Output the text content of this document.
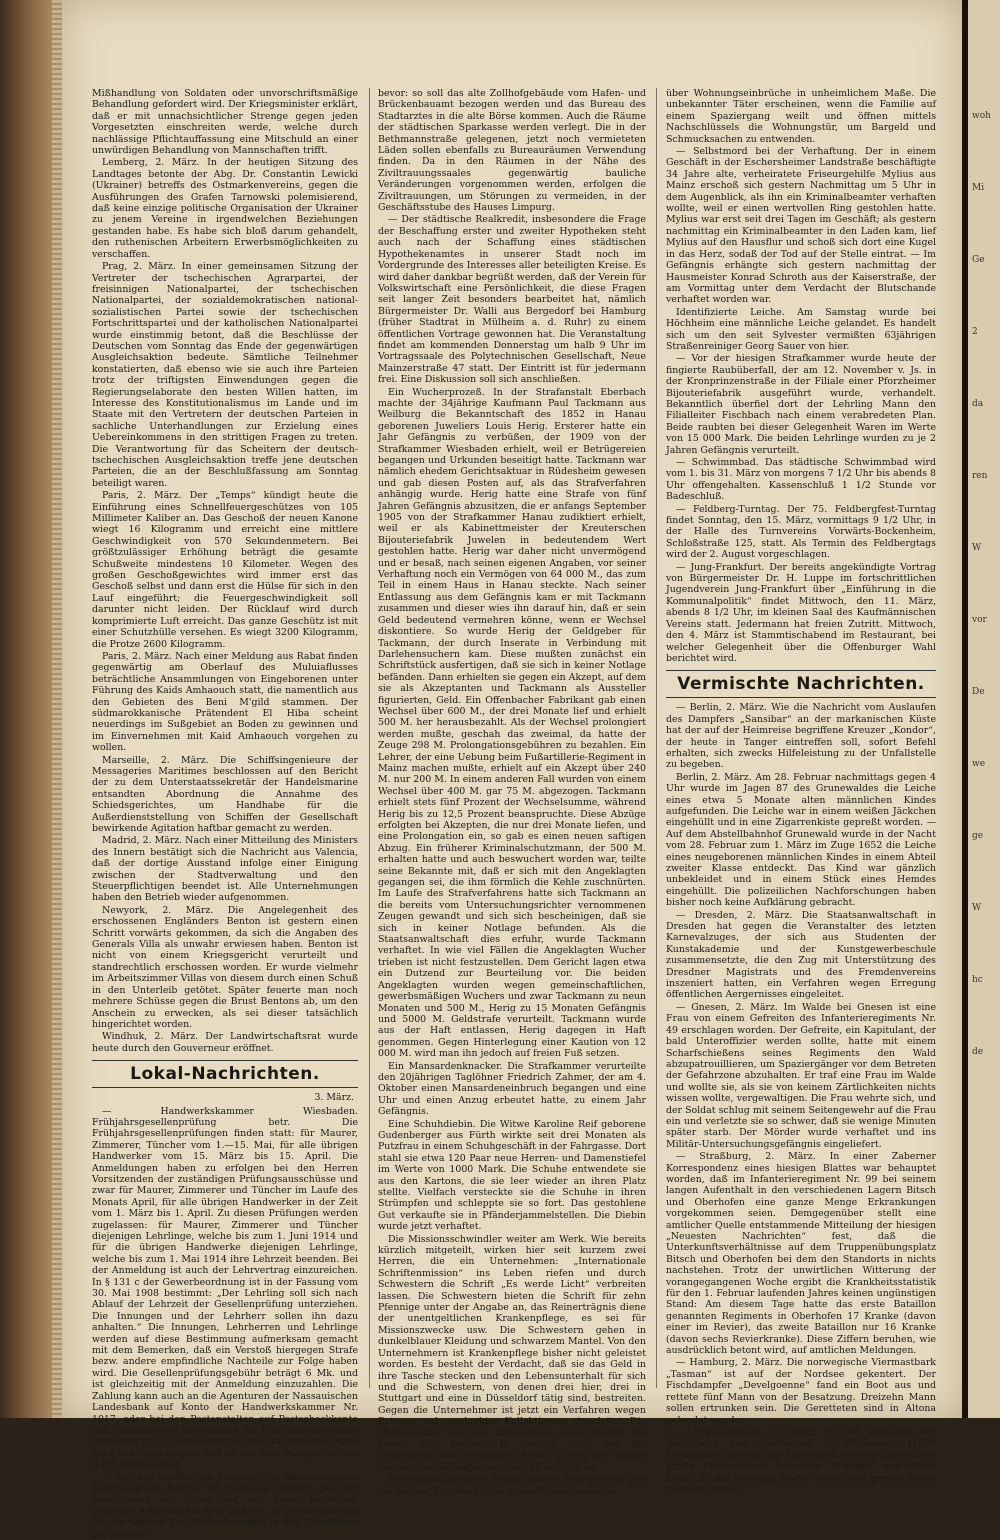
Mißhandlung von Soldaten oder unvorschriftsmäßige Behandlung gefordert wird. Der Kriegsminister erklärt, daß er mit unnachsichtlicher Strenge gegen jeden Vorgesetzten einschreiten werde, welche durch nachlässige Pflichtauffassung eine Mitschuld an einer unwürdigen Behandlung von Mannschaften trifft.

Lemberg, 2. März. In der heutigen Sitzung des Landtages betonte der Abg. Dr. Constantin Lewicki (Ukrainer) betreffs des Ostmarkenvereins, gegen die Ausführungen des Grafen Tarnowski polemisierend, daß keine einzige politische Organisation der Ukrainer zu jenem Vereine in irgendwelchen Beziehungen gestanden habe. Es habe sich bloß darum gehandelt, den ruthenischen Arbeitern Erwerbsmöglichkeiten zu verschaffen.

Prag, 2. März. In einer gemeinsamen Sitzung der Vertreter der tschechischen Agrarpartei, der freisinnigen Nationalpartei, der tschechischen Nationalpartei, der sozialdemokratischen national-sozialistischen Partei sowie der tschechischen Fortschrittspartei und der katholischen Nationalpartei wurde einstimmig betont, daß die Beschlüsse der Deutschen vom Sonntag das Ende der gegenwärtigen Ausgleichsaktion bedeute. Sämtliche Teilnehmer konstatierten, daß ebenso wie sie auch ihre Parteien trotz der triftigsten Einwendungen gegen die Regierungselaborate den besten Willen hatten, im Interesse des Konstitutionalismus im Lande und im Staate mit den Vertretern der deutschen Parteien in sachliche Unterhandlungen zur Erzielung eines Uebereinkommens in den strittigen Fragen zu treten. Die Verantwortung für das Scheitern der deutsch-tschechischen Ausgleichsaktion treffe jene deutschen Parteien, die an der Beschlußfassung am Sonntag beteiligt waren.

Paris, 2. März. Der „Temps“ kündigt heute die Einführung eines Schnellfeuergeschützes von 105 Millimeter Kaliber an. Das Geschoß der neuen Kanone wiegt 16 Kilogramm und erreicht eine mittlere Geschwindigkeit von 570 Sekundenmetern. Bei größtzulässiger Erhöhung beträgt die gesamte Schußweite mindestens 10 Kilometer. Wegen des großen Geschoßgewichtes wird immer erst das Geschoß selbst und dann erst die Hülse für sich in den Lauf eingeführt; die Feuergeschwindigkeit soll darunter nicht leiden. Der Rücklauf wird durch komprimierte Luft erreicht. Das ganze Geschütz ist mit einer Schutzhülle versehen. Es wiegt 3200 Kilogramm, die Protze 2600 Kilogramm.

Paris, 2. März. Nach einer Meldung aus Rabat finden gegenwärtig am Oberlauf des Muluiaflusses beträchtliche Ansammlungen von Eingeborenen unter Führung des Kaids Amhaouch statt, die namentlich aus den Gebieten des Beni M'gild stammen. Der südmarokkanische Prätendent El Hiba scheint neuerdings im Sußgebiet an Boden zu gewinnen und im Einvernehmen mit Kaid Amhaouch vorgehen zu wollen.

Marseille, 2. März. Die Schiffsingenieure der Messageries Maritimes beschlossen auf den Bericht der zu dem Unterstaatssekretär der Handelsmarine entsandten Abordnung die Annahme des Schiedsgerichtes, um Handhabe für die Außerdienststellung von Schiffen der Gesellschaft bewirkende Agitation haftbar gemacht zu werden.

Madrid, 2. März. Nach einer Mitteilung des Ministers des Innern bestätigt sich die Nachricht aus Valencia, daß der dortige Ausstand infolge einer Einigung zwischen der Stadtverwaltung und den Steuerpflichtigen beendet ist. Alle Unternehmungen haben den Betrieb wieder aufgenommen.

Newyork, 2. März. Die Angelegenheit des erschossenen Engländers Benton ist gestern einen Schritt vorwärts gekommen, da sich die Angaben des Generals Villa als unwahr erwiesen haben. Benton ist nicht von einem Kriegsgericht verurteilt und standrechtlich erschossen worden. Er wurde vielmehr im Arbeitszimmer Villas von diesem durch einen Schuß in den Unterleib getötet. Später feuerte man noch mehrere Schüsse gegen die Brust Bentons ab, um den Anschein zu erwecken, als sei dieser tatsächlich hingerichtet worden.

Windhuk, 2. März. Der Landwirtschaftsrat wurde heute durch den Gouverneur eröffnet.

Lokal-Nachrichten.
3. März.

— Handwerkskammer Wiesbaden. Frühjahrsgesellenprüfung betr. Die Frühjahrsgesellenprüfungen finden statt: für Maurer, Zimmerer, Tüncher vom 1.—15. Mai, für alle übrigen Handwerker vom 15. März bis 15. April. Die Anmeldungen haben zu erfolgen bei den Herren Vorsitzenden der zuständigen Prüfungsausschüsse und zwar für Maurer, Zimmerer und Tüncher im Laufe des Monats April, für alle übrigen Handwerker in der Zeit vom 1. März bis 1. April. Zu diesen Prüfungen werden zugelassen: für Maurer, Zimmerer und Tüncher diejenigen Lehrlinge, welche bis zum 1. Juni 1914 und für die übrigen Handwerke diejenigen Lehrlinge, welche bis zum 1. Mai 1914 ihre Lehrzeit beenden. Bei der Anmeldung ist auch der Lehrvertrag einzureichen. In § 131 c der Gewerbeordnung ist in der Fassung vom 30. Mai 1908 bestimmt: „Der Lehrling soll sich nach Ablauf der Lehrzeit der Gesellenprüfung unterziehen. Die Innungen und der Lehrherr sollen ihn dazu anhalten.“ Die Innungen, Lehrherren und Lehrlinge werden auf diese Bestimmung aufmerksam gemacht mit dem Bemerken, daß ein Verstoß hiergegen Strafe bezw. andere empfindliche Nachteile zur Folge haben wird. Die Gesellenprüfungsgebühr beträgt 6 Mk. und ist gleichzeitig mit der Anmeldung einzuzahlen. Die Zahlung kann auch an die Agenturen der Nassauischen Landesbank auf Konto der Handwerkskammer Nr. 1017, oder bei den Postanstalten auf Postscheckkonto der Nassauischen Landesbank Nr. 600 (Postscheckamt Frankfurt a. M.) eingezahlt werden. Im letzteren Falle wird das Porto erspart und ist nur eine Postgebühr von 5 Pfg. mitzuzahlen.

— Aus den städtischen Bureaus. Die Räumlichkeiten verschiedener Aemter im Rathause werden bei der Ausdehnung der Stadt und der damit bedingten größeren Arbeitsanhäufung zu klein. Es stehen deshalb für die nächste Zeit Veränderungen in den Lokalitäten der Aemter

bevor: so soll das alte Zollhofgebäude vom Hafen- und Brückenbauamt bezogen werden und das Bureau des Stadtarztes in die alte Börse kommen. Auch die Räume der städtischen Sparkasse werden verlegt. Die in der Bethmannstraße gelegenen, jetzt noch vermieteten Läden sollen ebenfalls zu Bureauräumen Verwendung finden. Da in den Räumen in der Nähe des Ziviltrauungssaales gegenwärtig bauliche Veränderungen vorgenommen werden, erfolgen die Ziviltrauungen, um Störungen zu vermeiden, in der Geschäftsstube des Hauses Limpurg.

— Der städtische Realkredit, insbesondere die Frage der Beschaffung erster und zweiter Hypotheken steht auch nach der Schaffung eines städtischen Hypothekenamtes in unserer Stadt noch im Vordergrunde des Interesses aller beteiligten Kreise. Es wird daher dankbar begrüßt werden, daß der Verein für Volkswirtschaft eine Persönlichkeit, die diese Fragen seit langer Zeit besonders bearbeitet hat, nämlich Bürgermeister Dr. Walli aus Bergedorf bei Hamburg (früher Stadtrat in Mülheim a. d. Ruhr) zu einem öffentlichen Vortrage gewonnen hat. Die Veranstaltung findet am kommenden Donnerstag um halb 9 Uhr im Vortragssaale des Polytechnischen Gesellschaft, Neue Mainzerstraße 47 statt. Der Eintritt ist für jedermann frei. Eine Diskussion soll sich anschließen.

Ein Wucherprozeß. In der Strafanstalt Eberbach machte der 34jährige Kaufmann Paul Tackmann aus Weilburg die Bekanntschaft des 1852 in Hanau geborenen Juweliers Louis Herig. Ersterer hatte ein Jahr Gefängnis zu verbüßen, der 1909 von der Strafkammer Wiesbaden erhielt, weil er Betrügereien begangen und Urkunden beseitigt hatte. Tackmann war nämlich ehedem Gerichtsaktuar in Rüdesheim gewesen und gab diesen Posten auf, als das Strafverfahren anhängig wurde. Herig hatte eine Strafe von fünf Jahren Gefängnis abzusitzen, die er anfangs September 1905 von der Strafkammer Hanau zudiktiert erhielt, weil er als Kabinettmeister der Kreuterschen Bijouteriefabrik Juwelen in bedeutendem Wert gestohlen hatte. Herig war daher nicht unvermögend und er besaß, nach seinen eigenen Angaben, vor seiner Verhaftung noch ein Vermögen von 64 000 M., das zum Teil in einem Haus in Hanau steckte. Nach seiner Entlassung aus dem Gefängnis kam er mit Tackmann zusammen und dieser wies ihn darauf hin, daß er sein Geld bedeutend vermehren könne, wenn er Wechsel diskontiere. So wurde Herig der Geldgeber für Tackmann, der durch Inserate in Verbindung mit Darlehensuchern kam. Diese mußten zunächst ein Schriftstück ausfertigen, daß sie sich in keiner Notlage befänden. Dann erhielten sie gegen ein Akzept, auf dem sie als Akzeptanten und Tackmann als Aussteller figurierten, Geld. Ein Offenbacher Fabrikant gab einen Wechsel über 600 M., der drei Monate lief und erhielt 500 M. her herausbezahlt. Als der Wechsel prolongiert werden mußte, geschah das zweimal, da hatte der Zeuge 298 M. Prolongationsgebühren zu bezahlen. Ein Lehrer, der eine Uebung beim Fußartillerie-Regiment in Mainz machen mußte, erhielt auf ein Akzept über 240 M. nur 200 M. In einem anderen Fall wurden von einem Wechsel über 400 M. gar 75 M. abgezogen. Tackmann erhielt stets fünf Prozent der Wechselsumme, während Herig bis zu 12,5 Prozent beanspruchte. Diese Abzüge erfolgten bei Akzepten, die nur drei Monate liefen, und eine Prolongation ein, so gab es einen neuen saftigen Abzug. Ein früherer Kriminalschutzmann, der 500 M. erhalten hatte und auch beswuchert worden war, teilte seine Bekannte mit, daß er sich mit den Angeklagten gegangen sei, die ihm förmlich die Kehle zuschnürten. Im Laufe des Strafverfahrens hatte sich Tackmann an die bereits vom Untersuchungsrichter vernommenen Zeugen gewandt und sich sich bescheinigen, daß sie sich in keiner Notlage befunden. Als die Staatsanwaltschaft dies erfuhr, wurde Tackmann verhaftet. In wie viel Fällen die Angeklagten Wucher trieben ist nicht festzustellen. Dem Gericht lagen etwa ein Dutzend zur Beurteilung vor. Die beiden Angeklagten wurden wegen gemeinschaftlichen, gewerbsmäßigen Wuchers und zwar Tackmann zu neun Monaten und 500 M., Herig zu 15 Monaten Gefängnis und 5000 M. Geldstrafe verurteilt. Tackmann wurde aus der Haft entlassen, Herig dagegen in Haft genommen. Gegen Hinterlegung einer Kaution von 12 000 M. wird man ihn jedoch auf freien Fuß setzen.

Ein Mansardenknacker. Die Strafkammer verurteilte den 20jährigen Taglöhner Friedrich Zahmer, der am 4. Oktober einen Mansardeneinbruch begangen und eine Uhr und einen Anzug erbeutet hatte, zu einem Jahr Gefängnis.

Eine Schuhdiebin. Die Witwe Karoline Reif geborene Gudenberger aus Fürth wirkte seit drei Monaten als Putzfrau in einem Schuhgeschäft in der Fahrgasse. Dort stahl sie etwa 120 Paar neue Herren- und Damenstiefel im Werte von 1000 Mark. Die Schuhe entwendete sie aus den Kartons, die sie leer wieder an ihren Platz stellte. Vielfach versteckte sie die Schuhe in ihren Strümpfen und schleppte sie so fort. Das gestohlene Gut verkaufte sie in Pfänderjammelstellen. Die Diebin wurde jetzt verhaftet.

Die Missionsschwindler weiter am Werk. Wie bereits kürzlich mitgeteilt, wirken hier seit kurzem zwei Herren, die ein Unternehmen: „Internationale Schriftenmission“ ins Leben riefen und durch Schwestern die Schrift „Es werde Licht“ verbreiten lassen. Die Schwestern bieten die Schrift für zehn Pfennige unter der Angabe an, das Reinerträgnis diene der unentgeltlichen Krankenpflege, es sei für Missionszwecke usw. Die Schwestern gehen in dunkelblauer Kleidung und schwarzem Mantel. Von den Unternehmern ist Krankenpflege bisher nicht geleistet worden. Es besteht der Verdacht, daß sie das Geld in ihre Tasche stecken und den Lebensunterhalt für sich und die Schwestern, von denen drei hier, drei in Stuttgart und eine in Düsseldorf tätig sind, bestreiten. Gegen die Unternehmer ist jetzt ein Verfahren wegen Betrugs und unerlaubten Kollektierens eingeleitet. Die Unternehmer und die Schwestern waren früher bei einem Willi Dietrich in Breslau tätig, der die Schwestern vom schwarzen Kreuz leitete und wegen unerlaubten Kollektierens bestraft worden ist.

Wohnungseinbrüche. In der letzten Zeit mehren sich die bei der Kriminalpolizei einlaufenden Anzeigen

über Wohnungseinbrüche in unheimlichem Maße. Die unbekannter Täter erscheinen, wenn die Familie auf einem Spaziergang weilt und öffnen mittels Nachschlüssels die Wohnungstür, um Bargeld und Schmucksachen zu entwenden.

— Selbstmord bei der Verhaftung. Der in einem Geschäft in der Eschersheimer Landstraße beschäftigte 34 Jahre alte, verheiratete Friseurgehilfe Mylius aus Mainz erschoß sich gestern Nachmittag um 5 Uhr in dem Augenblick, als ihn ein Kriminalbeamter verhaften wollte, weil er einen wertvollen Ring gestohlen hatte. Mylius war erst seit drei Tagen im Geschäft; als gestern nachmittag ein Kriminalbeamter in den Laden kam, lief Mylius auf den Hausflur und schoß sich dort eine Kugel in das Herz, sodaß der Tod auf der Stelle eintrat. — Im Gefängnis erhängte sich gestern nachmittag der Hausmeister Konrad Schroth aus der Kaiserstraße, der am Vormittag unter dem Verdacht der Blutschande verhaftet worden war.

Identifizierte Leiche. Am Samstag wurde bei Höchheim eine männliche Leiche gelandet. Es handelt sich um den seit Sylvester vermißten 63jährigen Straßenreiniger Georg Sauer von hier.

— Vor der hiesigen Strafkammer wurde heute der fingierte Raubüberfall, der am 12. November v. Js. in der Kronprinzenstraße in der Filiale einer Pforzheimer Bijouteriefabrik ausgeführt wurde, verhandelt. Bekanntlich überfiel dort der Lehrling Mann den Filialleiter Fischbach nach einem verabredeten Plan. Beide raubten bei dieser Gelegenheit Waren im Werte von 15 000 Mark. Die beiden Lehrlinge wurden zu je 2 Jahren Gefängnis verurteilt.

— Schwimmbad. Das städtische Schwimmbad wird vom 1. bis 31. März von morgens 7 1/2 Uhr bis abends 8 Uhr offengehalten. Kassenschluß 1 1/2 Stunde vor Badeschluß.

— Feldberg-Turntag. Der 75. Feldbergfest-Turntag findet Sonntag, den 15. März, vormittags 9 1/2 Uhr, in der Halle des Turnvereins Vorwärts-Bockenheim, Schloßstraße 125, statt. Als Termin des Feldbergtags wird der 2. August vorgeschlagen.

— Jung-Frankfurt. Der bereits angekündigte Vortrag von Bürgermeister Dr. H. Luppe im fortschrittlichen Jugendverein Jung-Frankfurt über „Einführung in die Kommunalpolitik“ findet Mittwoch, den 11. März, abends 8 1/2 Uhr, im kleinen Saal des Kaufmännischen Vereins statt. Jedermann hat freien Zutritt. Mittwoch, den 4. März ist Stammtischabend im Restaurant, bei welcher Gelegenheit über die Offenburger Wahl berichtet wird.

Vermischte Nachrichten.

— Berlin, 2. März. Wie die Nachricht vom Auslaufen des Dampfers „Sansibar“ an der markanischen Küste hat der auf der Heimreise begriffene Kreuzer „Kondor“, der heute in Tanger eintreffen soll, sofort Befehl erhalten, sich zwecks Hilfeleistung zu der Unfallstelle zu begeben.

Berlin, 2. März. Am 28. Februar nachmittags gegen 4 Uhr wurde im Jagen 87 des Grunewaldes die Leiche eines etwa 5 Monate alten männlichen Kindes aufgefunden. Die Leiche war in einem weißen Jäckchen eingehüllt und in eine Zigarrenkiste gepreßt worden. — Auf dem Abstellbahnhof Grunewald wurde in der Nacht vom 28. Februar zum 1. März im Zuge 1652 die Leiche eines neugeborenen männlichen Kindes in einem Abteil zweiter Klasse entdeckt. Das Kind war gänzlich unbekleidet und in einem Stück eines Hemdes eingehüllt. Die polizeilichen Nachforschungen haben bisher noch keine Aufklärung gebracht.

— Dresden, 2. März. Die Staatsanwaltschaft in Dresden hat gegen die Veranstalter des letzten Karnevalzuges, der sich aus Studenten der Kunstakademie und der Kunstgewerbeschule zusammensetzte, die den Zug mit Unterstützung des Dresdner Magistrats und des Fremdenvereins inszeniert hatten, ein Verfahren wegen Erregung öffentlichen Aergernisses eingeleitet.

— Gnesen, 2. März. Im Walde bei Gnesen ist eine Frau von einem Gefreiten des Infanterieregiments Nr. 49 erschlagen worden. Der Gefreite, ein Kapitulant, der bald Unteroffizier werden sollte, hatte mit einem Scharfschießens seines Regiments den Wald abzupatrouillieren, um Spaziergänger vor dem Betreten der Gefahrzone abzuhalten. Er traf eine Frau im Walde und wollte sie, als sie von keinem Zärtlichkeiten nichts wissen wollte, vergewaltigen. Die Frau wehrte sich, und der Soldat schlug mit seinem Seitengewehr auf die Frau ein und verletzte sie so schwer, daß sie wenige Minuten später starb. Der Mörder wurde verhaftet und ins Militär-Untersuchungsgefängnis eingeliefert.

— Straßburg, 2. März. In einer Zaberner Korrespondenz eines hiesigen Blattes war behauptet worden, daß im Infanterieregiment Nr. 99 bei seinem langen Aufenthalt in den verschiedenen Lagern Bitsch und Oberhofen eine ganze Menge Erkrankungen vorgekommen seien. Demgegenüber stellt eine amtlicher Quelle entstammende Mitteilung der hiesigen „Neuesten Nachrichten“ fest, daß die Unterkunftsverhältnisse auf dem Truppenübungsplatz Bitsch und Oberhofen bei dem den Standorts in nichts nachstehen. Trotz der unwirtlichen Witterung der vorangegangenen Woche ergibt die Krankheitsstatistik für den 1. Februar laufenden Jahres keinen ungünstigen Stand: Am diesem Tage hatte das erste Bataillon genannten Regiments in Oberhofen 17 Kranke (davon einer im Revier), das zweite Bataillon nur 16 Kranke (davon sechs Revierkranke). Diese Ziffern beruhen, wie ausdrücklich betont wird, auf amtlichen Meldungen.

— Hamburg, 2. März. Die norwegische Viermastbark „Tasman“ ist auf der Nordsee gekentert. Der Fischdampfer „Develgoenne“ fand ein Boot aus und rettete fünf Mann von der Besatzung. Dreizehn Mann sollen ertrunken sein. Die Geretteten sind in Altona gelandet worden.

— Braunschweig, 2. März. In der kleinsten der Bergstädte des Oberharzes, in Wildemann (1500 Einwohner), wo erst im September vorigen Jahres eine große Feuersbrunst schweren Schaden angerichtet hatte, in der Sonntag Nacht wieder ein großes Feuer gewütet. Dabei

woh
Mi
Ge
2
da
ren
W
vor
De
we
ge
W
hc
de
